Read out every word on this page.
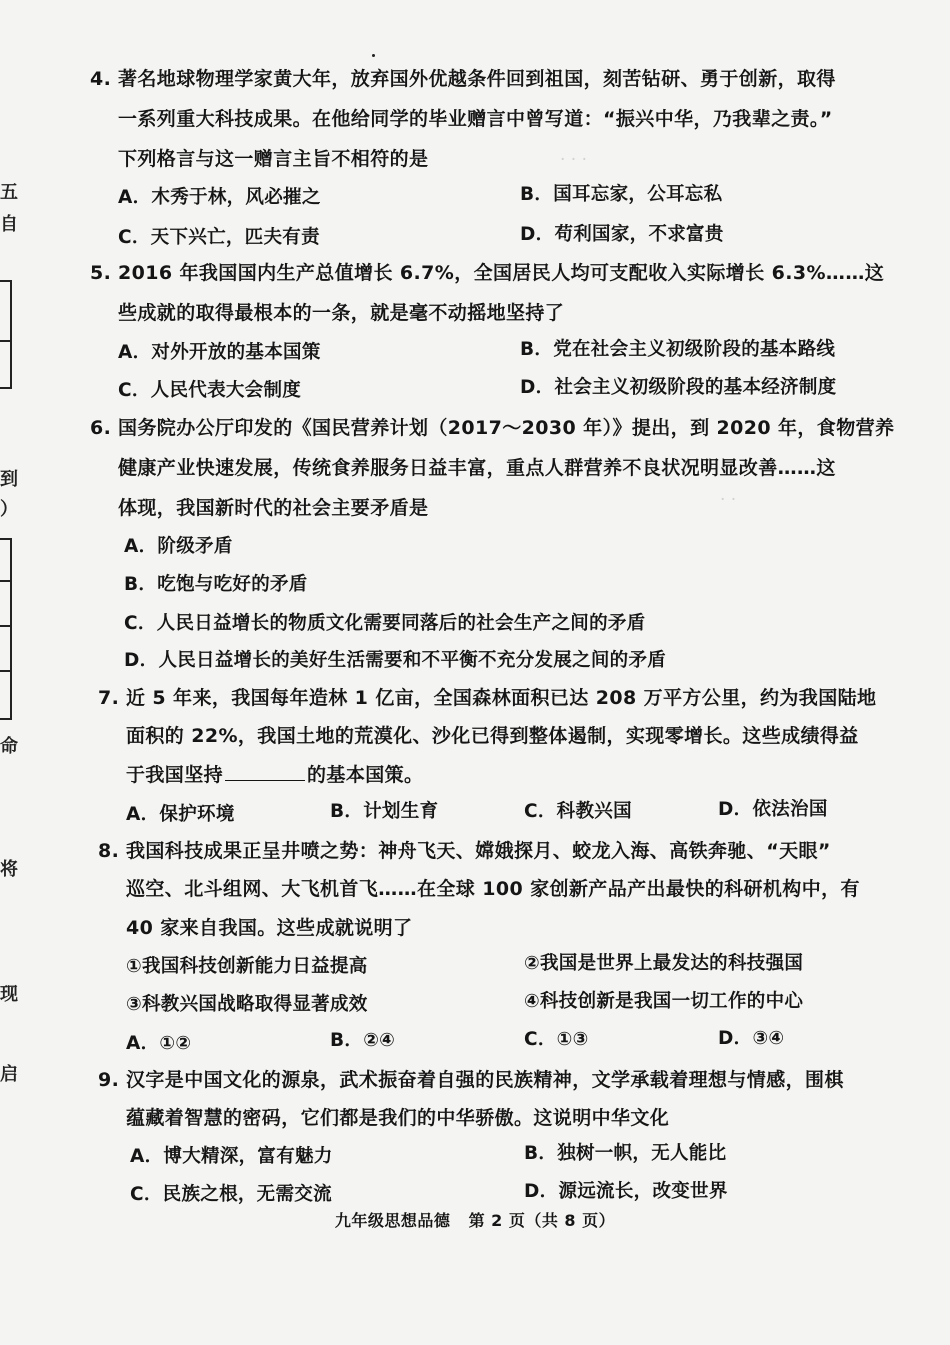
· · ·
· ·
五
自
到
）
命
将
现
启
4. 著名地球物理学家黄大年，放弃国外优越条件回到祖国，刻苦钻研、勇于创新，取得
一系列重大科技成果。在他给同学的毕业赠言中曾写道：“振兴中华，乃我辈之责。”
下列格言与这一赠言主旨不相符的是
A．木秀于林，风必摧之	B．国耳忘家，公耳忘私
C．天下兴亡，匹夫有责	D．苟利国家，不求富贵
5. 2016 年我国国内生产总值增长 6.7%，全国居民人均可支配收入实际增长 6.3%……这
些成就的取得最根本的一条，就是毫不动摇地坚持了
A．对外开放的基本国策	B．党在社会主义初级阶段的基本路线
C．人民代表大会制度	D．社会主义初级阶段的基本经济制度
6. 国务院办公厅印发的《国民营养计划（2017～2030 年）》提出，到 2020 年，食物营养
健康产业快速发展，传统食养服务日益丰富，重点人群营养不良状况明显改善……这
体现，我国新时代的社会主要矛盾是
A．阶级矛盾
B．吃饱与吃好的矛盾
C．人民日益增长的物质文化需要同落后的社会生产之间的矛盾
D．人民日益增长的美好生活需要和不平衡不充分发展之间的矛盾
7. 近 5 年来，我国每年造林 1 亿亩，全国森林面积已达 208 万平方公里，约为我国陆地
面积的 22%，我国土地的荒漠化、沙化已得到整体遏制，实现零增长。这些成绩得益
于我国坚持	的基本国策。
A．保护环境	B．计划生育	C．科教兴国	D．依法治国
8. 我国科技成果正呈井喷之势：神舟飞天、嫦娥探月、蛟龙入海、高铁奔驰、“天眼”
巡空、北斗组网、大飞机首飞……在全球 100 家创新产品产出最快的科研机构中，有
40 家来自我国。这些成就说明了
①我国科技创新能力日益提高	②我国是世界上最发达的科技强国
③科教兴国战略取得显著成效	④科技创新是我国一切工作的中心
A．①②	B．②④	C．①③	D．③④
9. 汉字是中国文化的源泉，武术振奋着自强的民族精神，文学承载着理想与情感，围棋
蕴藏着智慧的密码，它们都是我们的中华骄傲。这说明中华文化
A．博大精深，富有魅力	B．独树一帜，无人能比
C．民族之根，无需交流	D．源远流长，改变世界
九年级思想品德   第 2 页（共 8 页）
